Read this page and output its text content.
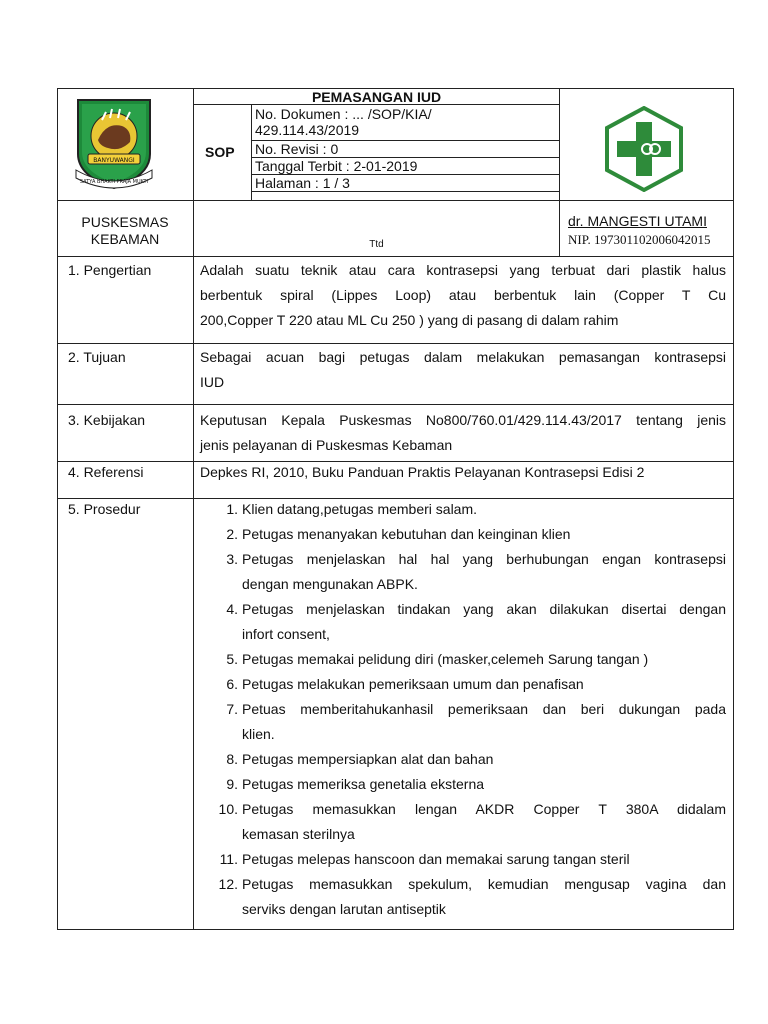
BANYUWANGI
SATYA BHAKTI PRAJA MUKTI
SOP
PEMASANGAN IUD
No. Dokumen : ... /SOP/KIA/
429.114.43/2019
No. Revisi : 0
Tanggal Terbit : 2-01-2019
Halaman : 1 / 3
PUSKESMAS
KEBAMAN	Ttd
dr. MANGESTI UTAMI
NIP. 197301102006042015
1. Pengertian	Adalah suatu teknik atau cara kontrasepsi yang terbuat dari plastik halus
berbentuk spiral (Lippes Loop) atau berbentuk lain (Copper T Cu
200,Copper T 220 atau ML Cu 250 ) yang di pasang di dalam rahim
2. Tujuan	Sebagai acuan bagi petugas dalam melakukan pemasangan kontrasepsi
IUD
3. Kebijakan	Keputusan Kepala Puskesmas No800/760.01/429.114.43/2017 tentang jenis
jenis pelayanan di Puskesmas Kebaman
4. Referensi	Depkes RI, 2010, Buku Panduan Praktis Pelayanan Kontrasepsi Edisi 2
5. Prosedur	1. Klien datang,petugas memberi salam.
2. Petugas menanyakan kebutuhan dan keinginan klien
3. Petugas menjelaskan hal hal yang berhubungan engan kontrasepsi
dengan mengunakan ABPK.
4. Petugas menjelaskan tindakan yang akan dilakukan disertai dengan
infort consent,
5. Petugas memakai pelidung diri (masker,celemeh Sarung tangan )
6. Petugas melakukan pemeriksaan umum dan penafisan
7. Petuas memberitahukanhasil pemeriksaan dan beri dukungan pada
klien.
8. Petugas mempersiapkan alat dan bahan
9. Petugas memeriksa genetalia eksterna
10. Petugas memasukkan lengan AKDR Copper T 380A didalam
kemasan sterilnya
11. Petugas melepas hanscoon dan memakai sarung tangan steril
12. Petugas memasukkan spekulum, kemudian mengusap vagina dan
serviks dengan larutan antiseptik
